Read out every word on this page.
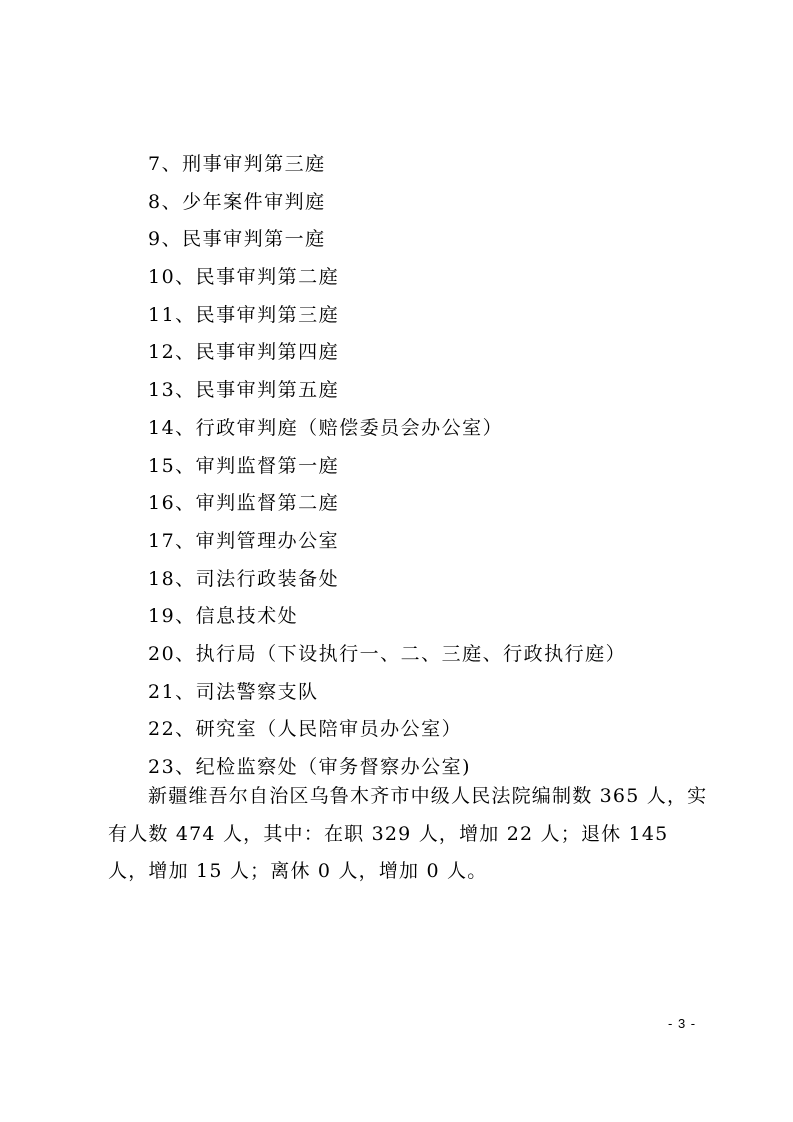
7、刑事审判第三庭
8、少年案件审判庭
9、民事审判第一庭
10、民事审判第二庭
11、民事审判第三庭
12、民事审判第四庭
13、民事审判第五庭
14、行政审判庭（赔偿委员会办公室）
15、审判监督第一庭
16、审判监督第二庭
17、审判管理办公室
18、司法行政装备处
19、信息技术处
20、执行局（下设执行一、二、三庭、行政执行庭）
21、司法警察支队
22、研究室（人民陪审员办公室）
23、纪检监察处（审务督察办公室)

新疆维吾尔自治区乌鲁木齐市中级人民法院编制数 365 人，实有人数 474 人，其中：在职 329 人，增加 22 人；退休 145 人，增加 15 人；离休 0 人，增加 0 人。

- 3 -
